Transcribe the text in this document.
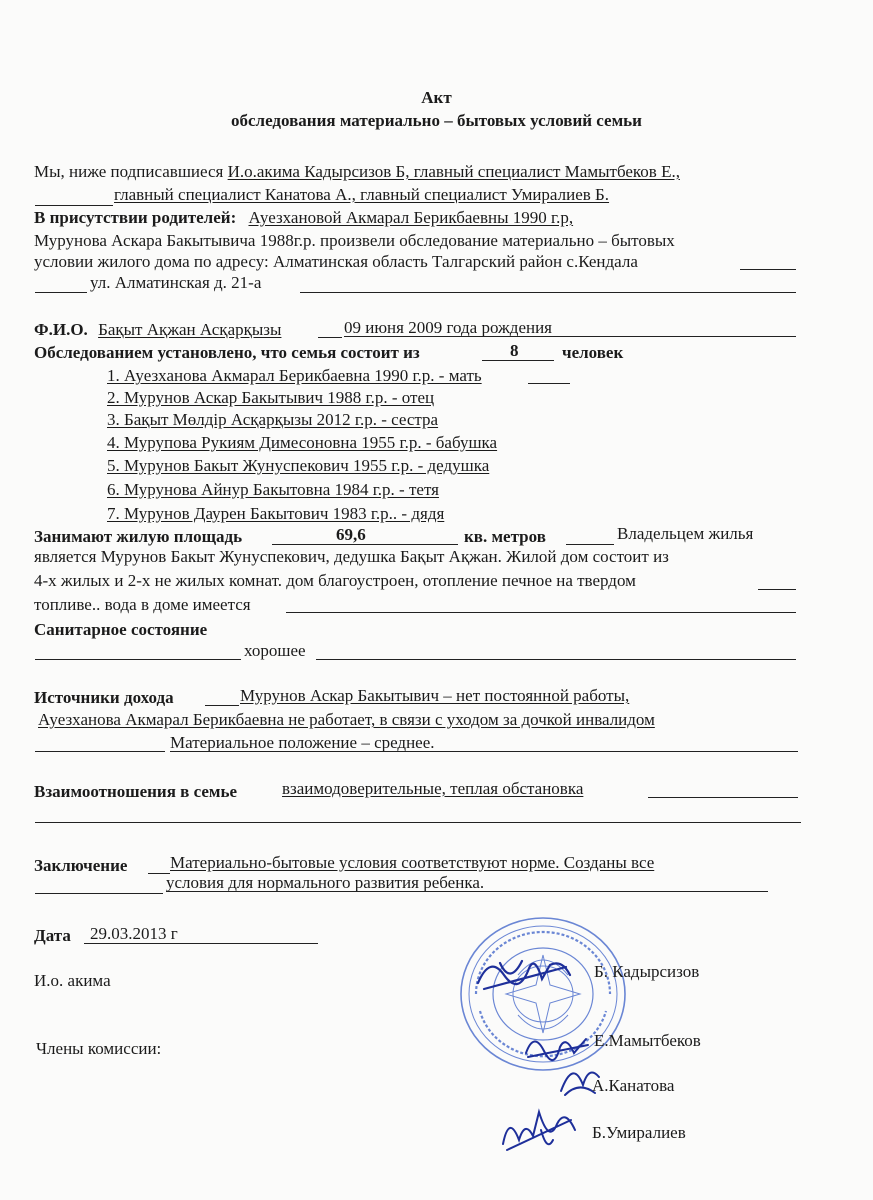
Акт
обследования материально – бытовых условий семьи
Мы, ниже подписавшиеся И.о.акима Кадырсизов Б, главный специалист Мамытбеков Е.,
главный специалист Канатова А., главный специалист Умиралиев Б.
В присутствии родителей: Ауезхановой Акмарал Берикбаевны 1990 г.р,
Мурунова Аскара Бакытывича 1988г.р. произвели обследование материально – бытовых
условии жилого дома по адресу: Алматинская область Талгарский район с.Кендала
ул. Алматинская д. 21-а
Ф.И.О. Бақыт Ақжан Асқарқызы	09 июня 2009 года рождения
Обследованием установлено, что семья состоит из	8	человек
1. Ауезханова Акмарал Берикбаевна 1990 г.р. - мать
2. Мурунов Аскар Бакытывич 1988 г.р. - отец
3. Бақыт Мөлдір Асқарқызы 2012 г.р. - сестра
4. Мурупова Рукиям Димесоновна 1955 г.р. - бабушка
5. Мурунов Бакыт Жунуспекович 1955 г.р. - дедушка
6. Мурунова Айнур Бакытовна 1984 г.р. - тетя
7. Мурунов Даурен Бакытович 1983 г.р.. - дядя
Занимают жилую площадь	69,6	кв. метров	Владельцем жилья
является Мурунов Бакыт Жунуспекович, дедушка Бақыт Ақжан. Жилой дом состоит из
4-х жилых и 2-х не жилых комнат. дом благоустроен, отопление печное на твердом
топливе.. вода в доме имеется
Санитарное состояние
хорошее
Источники дохода	Мурунов Аскар Бакытывич – нет постоянной работы,
Ауезханова Акмарал Берикбаевна не работает, в связи с уходом за дочкой инвалидом
Материальное положение – среднее.
Взаимоотношения в семье	взаимодоверительные, теплая обстановка
Заключение	Материально-бытовые условия соответствуют норме. Созданы все
условия для нормального развития ребенка.
Дата 29.03.2013 г
И.о. акима	Б. Кадырсизов
Члены комиссии:	Е.Мамытбеков
А.Канатова
Б.Умиралиев
